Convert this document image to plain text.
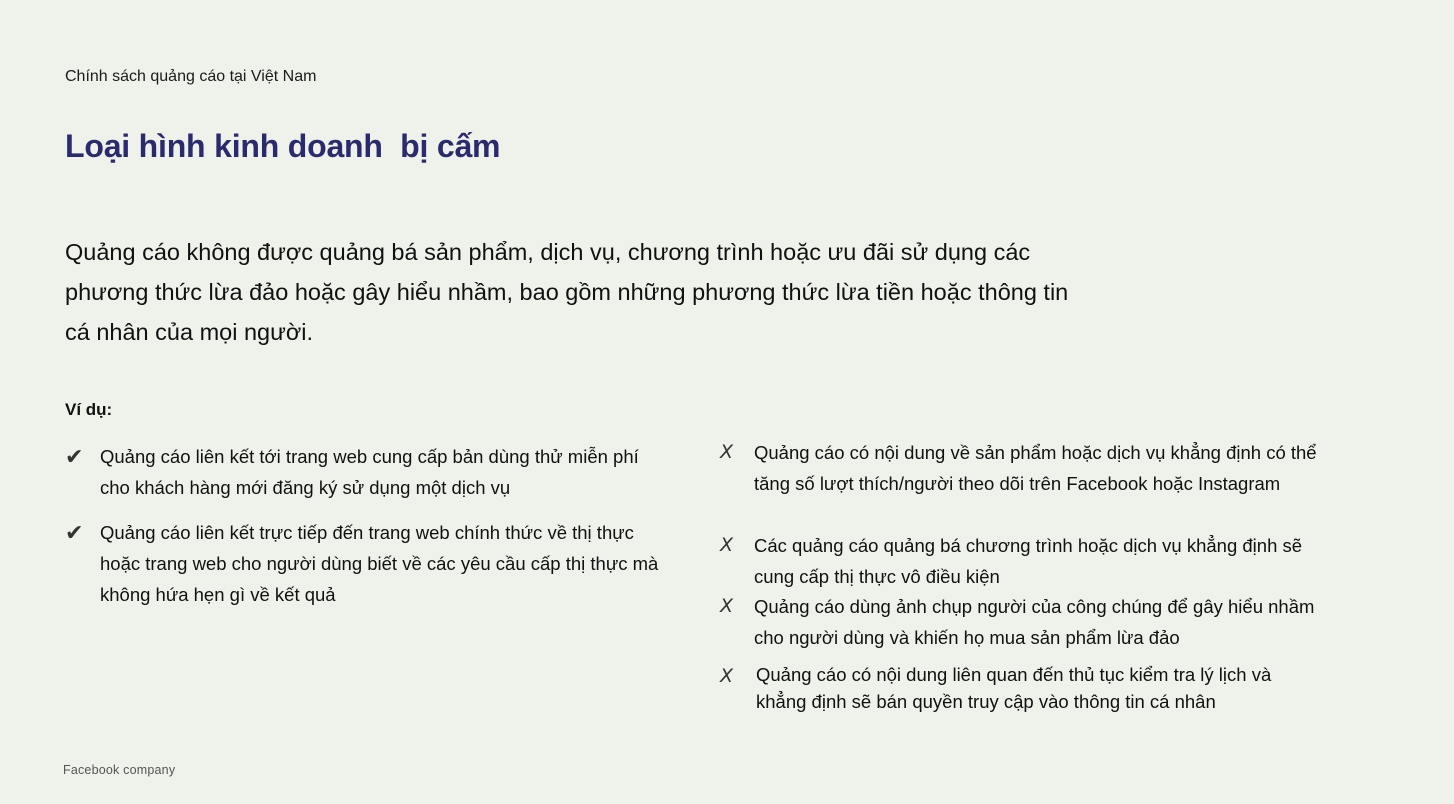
Chính sách quảng cáo tại Việt Nam
Loại hình kinh doanh  bị cấm

Quảng cáo không được quảng bá sản phẩm, dịch vụ, chương trình hoặc ưu đãi sử dụng các phương thức lừa đảo hoặc gây hiểu nhầm, bao gồm những phương thức lừa tiền hoặc thông tin cá nhân của mọi người.

Ví dụ:
✔ Quảng cáo liên kết tới trang web cung cấp bản dùng thử miễn phí cho khách hàng mới đăng ký sử dụng một dịch vụ
✔ Quảng cáo liên kết trực tiếp đến trang web chính thức về thị thực hoặc trang web cho người dùng biết về các yêu cầu cấp thị thực mà không hứa hẹn gì về kết quả
X	Quảng cáo có nội dung về sản phẩm hoặc dịch vụ khẳng định có thể tăng số lượt thích/người theo dõi trên Facebook hoặc Instagram
X	Các quảng cáo quảng bá chương trình hoặc dịch vụ khẳng định sẽ cung cấp thị thực vô điều kiện
X	Quảng cáo dùng ảnh chụp người của công chúng để gây hiểu nhầm cho người dùng và khiến họ mua sản phẩm lừa đảo
X	Quảng cáo có nội dung liên quan đến thủ tục kiểm tra lý lịch và khẳng định sẽ bán quyền truy cập vào thông tin cá nhân
Facebook company
